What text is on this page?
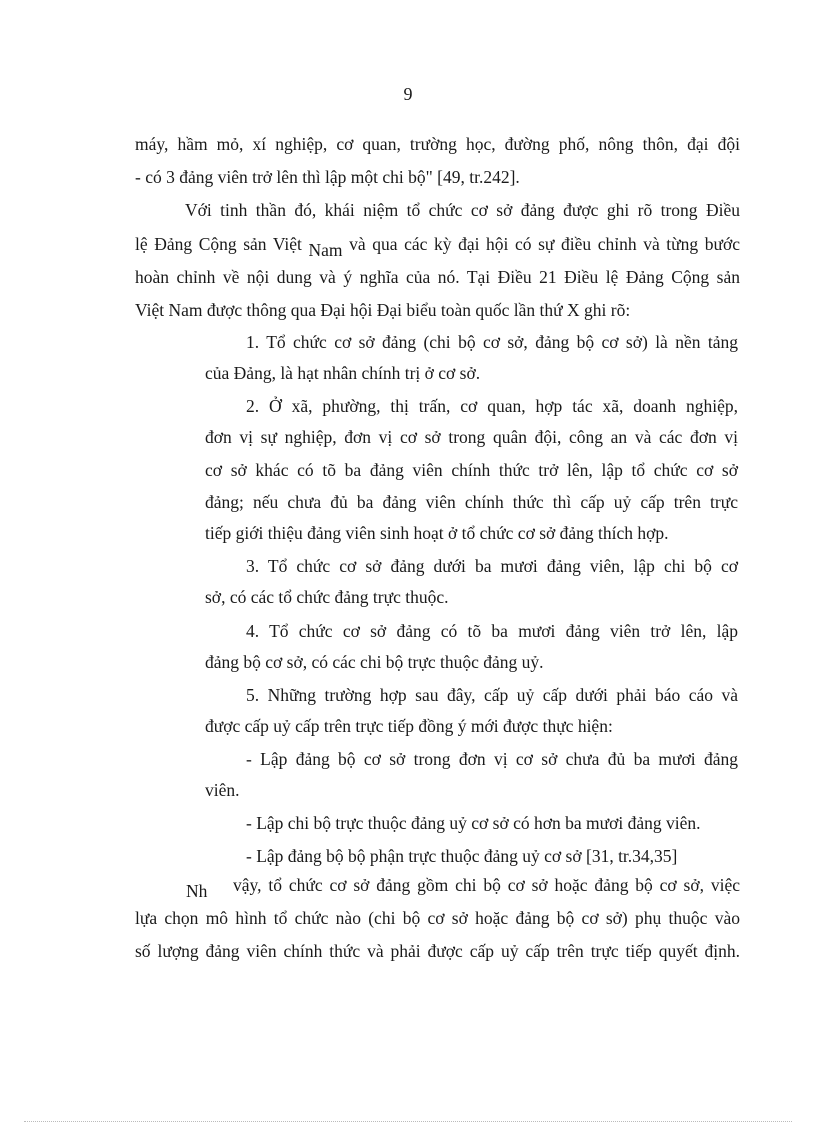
9
máy, hầm mỏ, xí nghiệp, cơ quan, trường học, đường phố, nông thôn, đại đội
- có 3 đảng viên trở lên thì lập một chi bộ" [49, tr.242].
Với tinh thần đó, khái niệm tổ chức cơ sở đảng được ghi rõ trong Điều
lệ Đảng Cộng sản Việt Nam và qua các kỳ đại hội có sự điều chỉnh và từng bước
hoàn chỉnh về nội dung và ý nghĩa của nó. Tại Điều 21 Điều lệ Đảng Cộng sản
Việt Nam được thông qua Đại hội Đại biểu toàn quốc lần thứ X ghi rõ:
1. Tổ chức cơ sở đảng (chi bộ cơ sở, đảng bộ cơ sở) là nền tảng
của Đảng, là hạt nhân chính trị ở cơ sở.
2. Ở xã, phường, thị trấn, cơ quan, hợp tác xã, doanh nghiệp,
đơn vị sự nghiệp, đơn vị cơ sở trong quân đội, công an và các đơn vị
cơ sở khác có tõ ba đảng viên chính thức trở lên, lập tổ chức cơ sở
đảng; nếu chưa đủ ba đảng viên chính thức thì cấp uỷ cấp trên trực
tiếp giới thiệu đảng viên sinh hoạt ở tổ chức cơ sở đảng thích hợp.
3. Tổ chức cơ sở đảng dưới ba mươi đảng viên, lập chi bộ cơ
sở, có các tổ chức đảng trực thuộc.
4. Tổ chức cơ sở đảng có tõ ba mươi đảng viên trở lên, lập
đảng bộ cơ sở, có các chi bộ trực thuộc đảng uỷ.
5. Những trường hợp sau đây, cấp uỷ cấp dưới phải báo cáo và
được cấp uỷ cấp trên trực tiếp đồng ý mới được thực hiện:
- Lập đảng bộ cơ sở trong đơn vị cơ sở chưa đủ ba mươi đảng
viên.
- Lập chi bộ trực thuộc đảng uỷ cơ sở có hơn ba mươi đảng viên.
- Lập đảng bộ bộ phận trực thuộc đảng uỷ cơ sở [31, tr.34,35]
Nh vậy, tổ chức cơ sở đảng gồm chi bộ cơ sở hoặc đảng bộ cơ sở, việc
lựa chọn mô hình tổ chức nào (chi bộ cơ sở hoặc đảng bộ cơ sở) phụ thuộc vào
số lượng đảng viên chính thức và phải được cấp uỷ cấp trên trực tiếp quyết định.
